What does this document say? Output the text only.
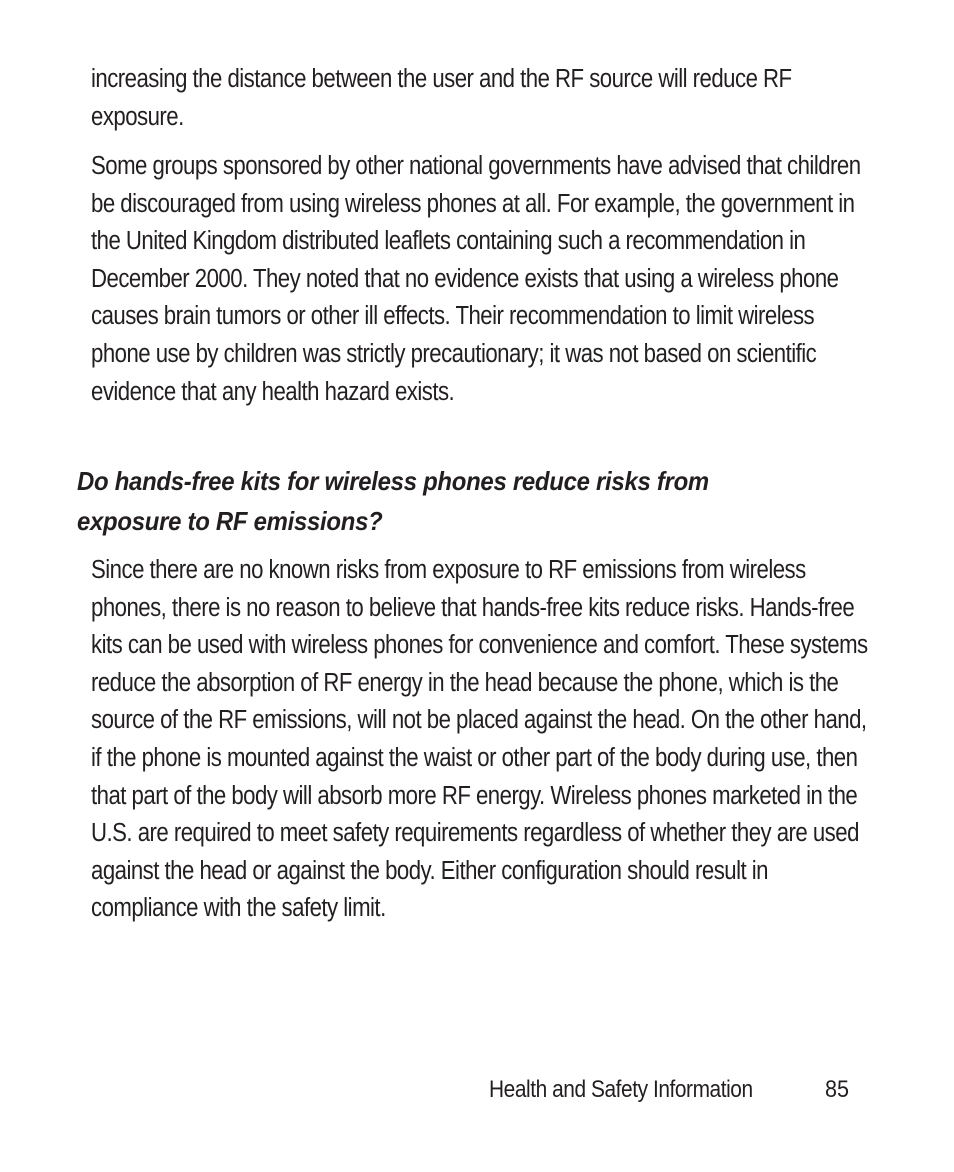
increasing the distance between the user and the RF source will reduce RF exposure.

Some groups sponsored by other national governments have advised that children be discouraged from using wireless phones at all. For example, the government in the United Kingdom distributed leaflets containing such a recommendation in December 2000. They noted that no evidence exists that using a wireless phone causes brain tumors or other ill effects. Their recommendation to limit wireless phone use by children was strictly precautionary; it was not based on scientific evidence that any health hazard exists.

Do hands-free kits for wireless phones reduce risks from exposure to RF emissions?

Since there are no known risks from exposure to RF emissions from wireless phones, there is no reason to believe that hands-free kits reduce risks. Hands-free kits can be used with wireless phones for convenience and comfort. These systems reduce the absorption of RF energy in the head because the phone, which is the source of the RF emissions, will not be placed against the head. On the other hand, if the phone is mounted against the waist or other part of the body during use, then that part of the body will absorb more RF energy. Wireless phones marketed in the U.S. are required to meet safety requirements regardless of whether they are used against the head or against the body. Either configuration should result in compliance with the safety limit.

Health and Safety Information	85
